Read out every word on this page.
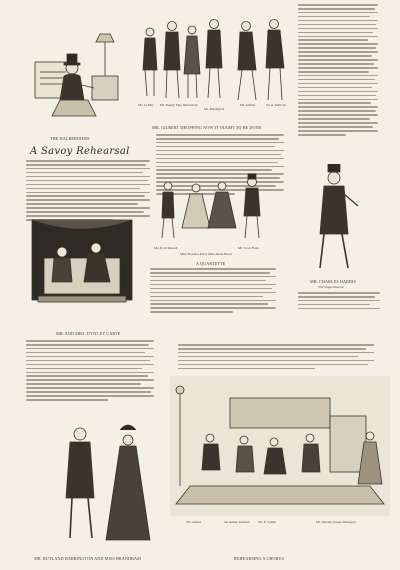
THE HALBERDIERS
Mr. Le Hay Mr. Denny Mrs. Macintosh
Mr. Barrington
Mr. Gilbert	Sir A. Sullivan
MR. GILBERT DROPPING NOW IT OUGHT TO BE DONE
A Savoy Rehearsal
Mr. Scott Russell
Miss Florence Perry Miss Jessie Bond
Mr. Scott Fishe
A QUARTETTE
MR. AND MRS. D'OYLEY CARTE
MR. CHARLES HARRIS
The Stage Director
MR. RUTLAND BARRINGTON AND MISS BRANDRAM
Mr. Gilbert	Sir Arthur Sullivan Mr. F. Cellier	Mr. Sinclair (Stage Manager)
REHEARSING A CHORUS
